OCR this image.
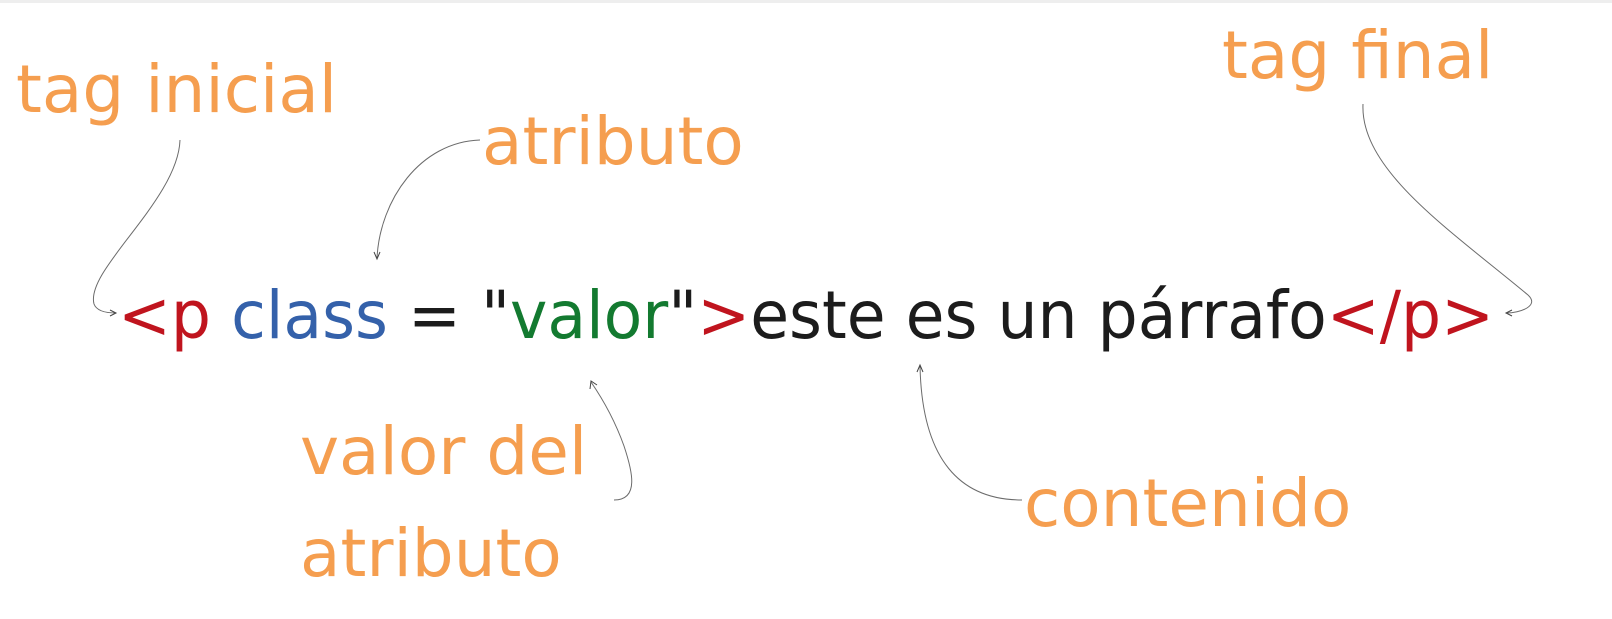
tag inicial
atributo
tag final
valor del
atributo
contenido
<p class = "valor">este es un párrafo</p>
